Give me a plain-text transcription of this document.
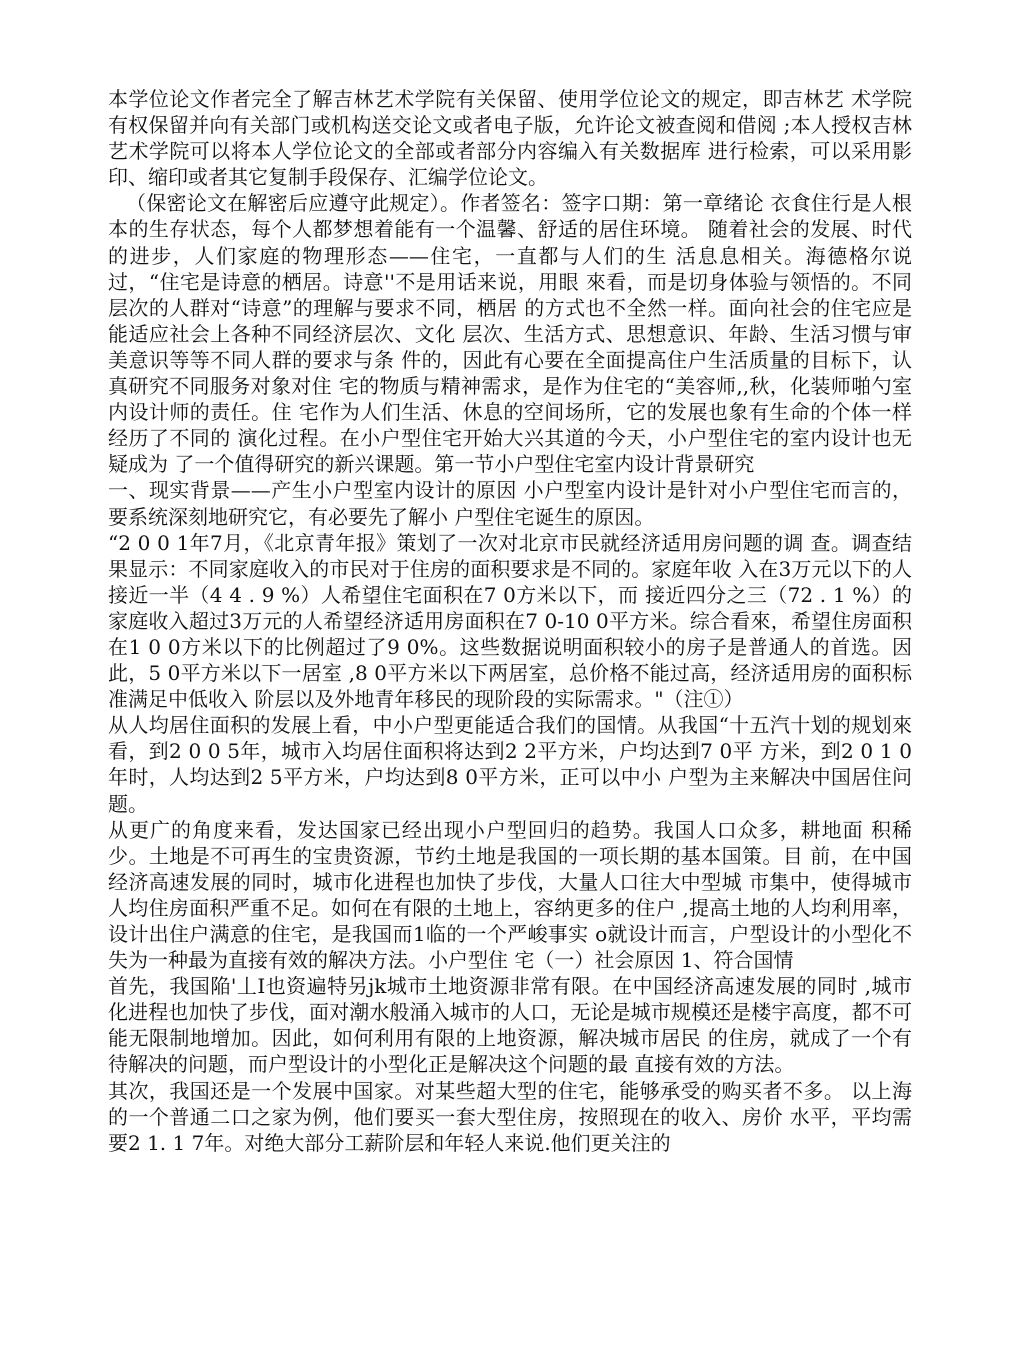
本学位论文作者完全了解吉林艺术学院有关保留、使用学位论文的规定，即吉林艺 术学院有权保留并向有关部门或机构送交论文或者电子版，允许论文被查阅和借阅 ;本人授权吉林艺术学院可以将本人学位论文的全部或者部分内容编入有关数据库 进行检索，可以采用影印、缩印或者其它复制手段保存、汇编学位论文。

（保密论文在解密后应遵守此规定）。作者签名：签字口期：第一章绪论 衣食住行是人根本的生存状态，每个人都梦想着能有一个温馨、舒适的居住环境。 随着社会的发展、时代的进步，人们家庭的物理形态——住宅，一直都与人们的生 活息息相关。海德格尔说过，“住宅是诗意的栖居。诗意''不是用话来说，用眼 來看，而是切身体验与领悟的。不同层次的人群对“诗意”的理解与要求不同，栖居 的方式也不全然一样。面向社会的住宅应是能适应社会上各种不同经济层次、文化 层次、生活方式、思想意识、年龄、生活习惯与审美意识等等不同人群的要求与条 件的，因此有心要在全面提高住户生活质量的目标下，认真研究不同服务对象对住 宅的物质与精神需求，是作为住宅的“美容师,,秋，化装师啪勺室内设计师的责任。住 宅作为人们生活、休息的空间场所，它的发展也象有生命的个体一样经历了不同的 演化过程。在小户型住宅开始大兴其道的今天，小户型住宅的室内设计也无疑成为 了一个值得研究的新兴课题。第一节小户型住宅室内设计背景研究

一、现实背景——产生小户型室内设计的原因 小户型室内设计是针对小户型住宅而言的，要系统深刻地研究它，有必要先了解小 户型住宅诞生的原因。

“2 0 0 1年7月，《北京青年报》策划了一次对北京市民就经济适用房问题的调 查。调查结果显示：不同家庭收入的市民对于住房的面积要求是不同的。家庭年收 入在3万元以下的人接近一半（4 4 . 9 %）人希望住宅面积在7 0方米以下，而 接近四分之三（72 . 1 %）的家庭收入超过3万元的人希望经济适用房面积在7 0-10 0平方米。综合看來，希望住房面积在1 0 0方米以下的比例超过了9 0%。这些数据说明面积较小的房子是普通人的首选。因此，5 0平方米以下一居室 ,8 0平方米以下两居室，总价格不能过高，经济适用房的面积标准满足中低收入 阶层以及外地青年移民的现阶段的实际需求。"（注①）

从人均居住面积的发展上看，中小户型更能适合我们的国情。从我国“十五汽十划的规划來看，到2 0 0 5年，城市入均居住面积将达到2 2平方米，户均达到7 0平 方米，到2 0 1 0年时，人均达到2 5平方米，户均达到8 0平方米，正可以中小 户型为主来解决中国居住问题。

从更广的角度来看，发达国家已经出现小户型回归的趋势。我国人口众多，耕地面 积稀少。土地是不可再生的宝贵资源，节约土地是我国的一项长期的基本国策。目 前，在中国经济高速发展的同时，城市化进程也加快了步伐，大量人口往大中型城 市集中，使得城市人均住房面积严重不足。如何在有限的土地上，容纳更多的住户 ,提高土地的人均利用率，设计出住户满意的住宅，是我国而1临的一个严峻事实 o就设计而言，户型设计的小型化不失为一种最为直接有效的解决方法。小户型住 宅（一）社会原因 1、符合国情

首先，我国陥'丄I也资遍特另jk城市土地资源非常有限。在中国经济高速发展的同时 ,城市化进程也加快了步伐，面对潮水般涌入城市的人口，无论是城市规模还是楼宇高度，都不可能无限制地增加。因此，如何利用有限的上地资源，解决城市居民 的住房，就成了一个有待解决的问题，而户型设计的小型化正是解决这个问题的最 直接有效的方法。

其次，我国还是一个发展中国家。对某些超大型的住宅，能够承受的购买者不多。 以上海的一个普通二口之家为例，他们要买一套大型住房，按照现在的收入、房价 水平，平均需要2 1. 1 7年。对绝大部分工薪阶层和年轻人来说.他们更关注的
